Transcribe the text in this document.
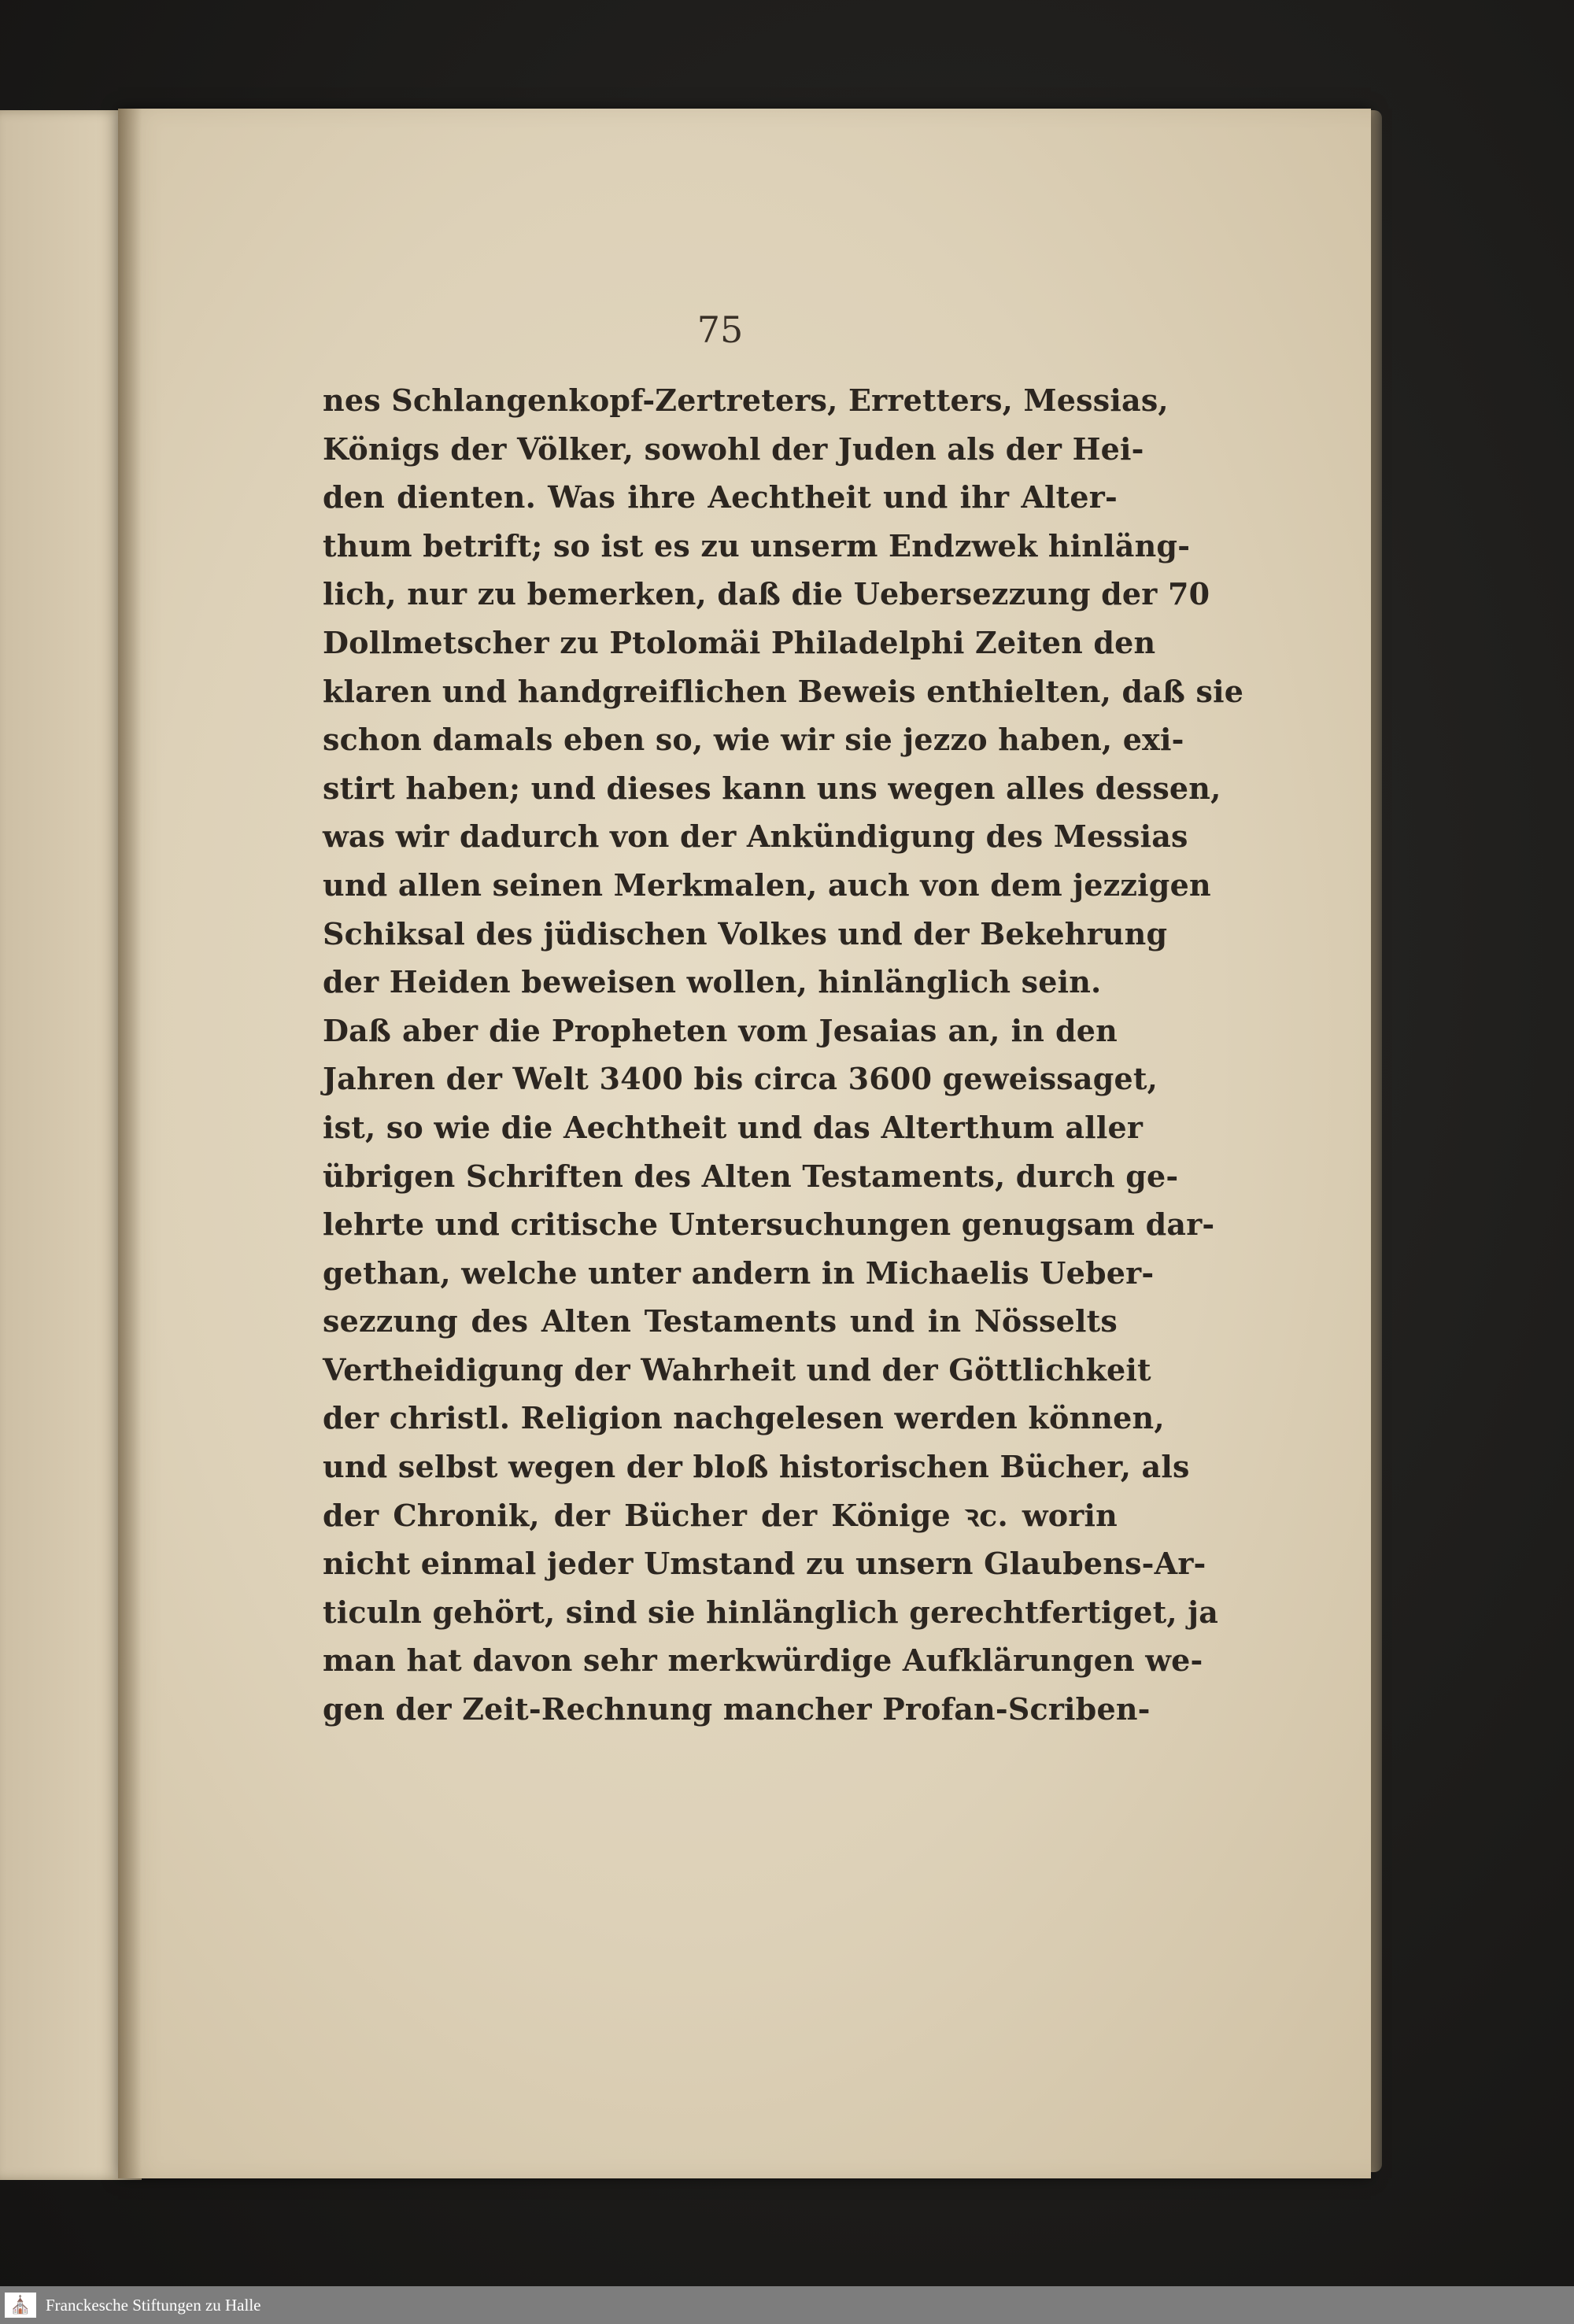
75
nes Schlangenkopf-Zertreters, Erretters, Messias,
Königs der Völker, sowohl der Juden als der Hei-
den dienten. Was ihre Aechtheit und ihr Alter-
thum betrift; so ist es zu unserm Endzwek hinläng-
lich, nur zu bemerken, daß die Uebersezzung der 70
Dollmetscher zu Ptolomäi Philadelphi Zeiten den
klaren und handgreiflichen Beweis enthielten, daß sie
schon damals eben so, wie wir sie jezzo haben, exi-
stirt haben; und dieses kann uns wegen alles dessen,
was wir dadurch von der Ankündigung des Messias
und allen seinen Merkmalen, auch von dem jezzigen
Schiksal des jüdischen Volkes und der Bekehrung
der Heiden beweisen wollen, hinlänglich sein.
Daß aber die Propheten vom Jesaias an, in den
Jahren der Welt 3400 bis circa 3600 geweissaget,
ist, so wie die Aechtheit und das Alterthum aller
übrigen Schriften des Alten Testaments, durch ge-
lehrte und critische Untersuchungen genugsam dar-
gethan, welche unter andern in Michaelis Ueber-
sezzung des Alten Testaments und in Nösselts
Vertheidigung der Wahrheit und der Göttlichkeit
der christl. Religion nachgelesen werden können,
und selbst wegen der bloß historischen Bücher, als
der Chronik, der Bücher der Könige ꝛc. worin
nicht einmal jeder Umstand zu unsern Glaubens-Ar-
ticuln gehört, sind sie hinlänglich gerechtfertiget, ja
man hat davon sehr merkwürdige Aufklärungen we-
gen der Zeit-Rechnung mancher Profan-Scriben-
⛪ Franckesche Stiftungen zu Halle
